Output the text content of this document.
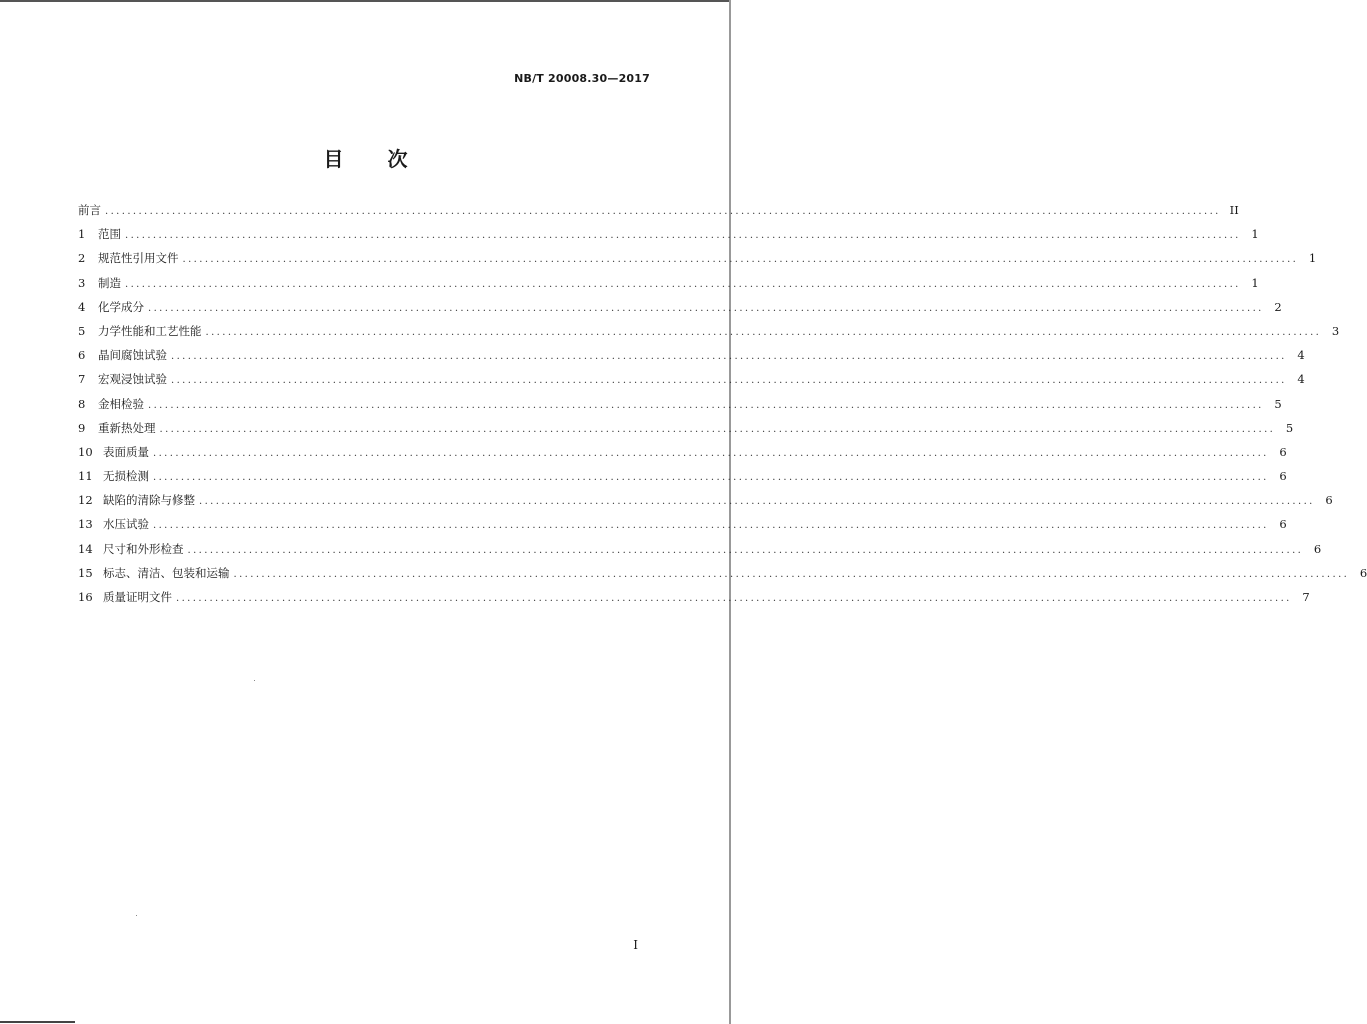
NB/T 20008.30—2017
目 次
前言 ........................................................................................................................................................................................................ II
1	范围 ........................................................................................................................................................................................................ 1
2	规范性引用文件 ........................................................................................................................................................................................................ 1
3	制造 ........................................................................................................................................................................................................ 1
4	化学成分 ........................................................................................................................................................................................................ 2
5	力学性能和工艺性能 ........................................................................................................................................................................................................ 3
6	晶间腐蚀试验 ........................................................................................................................................................................................................ 4
7	宏观浸蚀试验 ........................................................................................................................................................................................................ 4
8	金相检验 ........................................................................................................................................................................................................ 5
9	重新热处理 ........................................................................................................................................................................................................ 5
10 表面质量 ........................................................................................................................................................................................................ 6
11 无损检测 ........................................................................................................................................................................................................ 6
12 缺陷的清除与修整 ........................................................................................................................................................................................................ 6
13 水压试验 ........................................................................................................................................................................................................ 6
14 尺寸和外形检查 ........................................................................................................................................................................................................ 6
15 标志、清洁、包装和运输 ........................................................................................................................................................................................................ 6
16 质量证明文件 ........................................................................................................................................................................................................ 7
I
